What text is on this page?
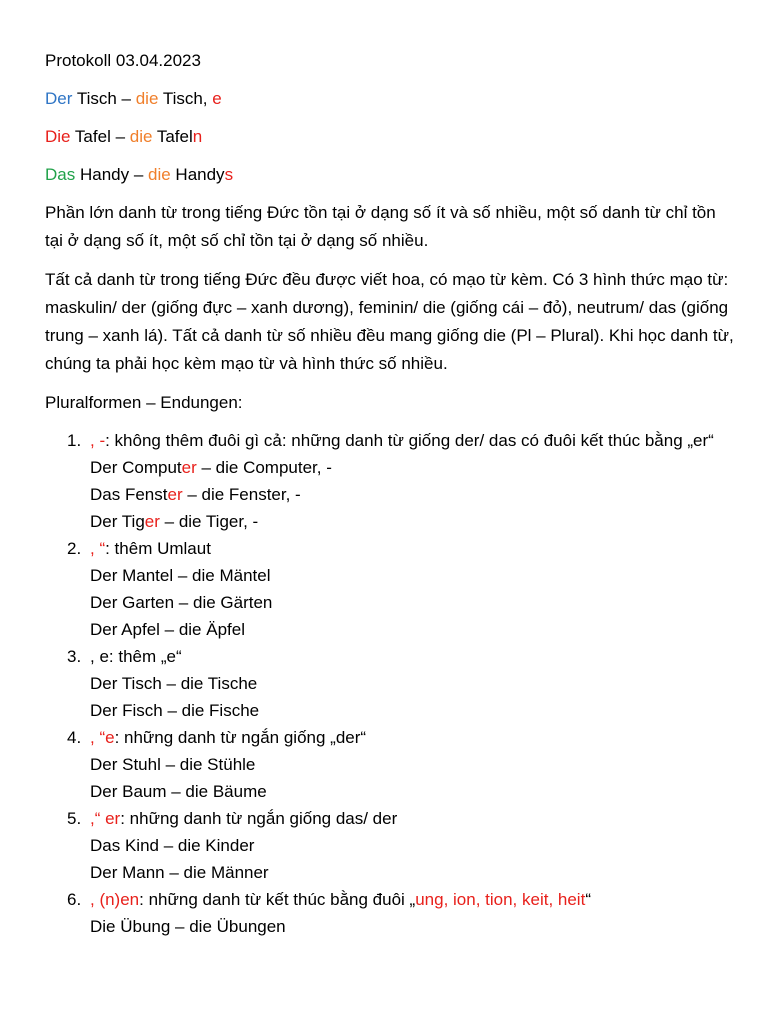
Protokoll 03.04.2023

Der Tisch – die Tisch, e

Die Tafel – die Tafeln

Das Handy – die Handys

Phần lớn danh từ trong tiếng Đức tồn tại ở dạng số ít và số nhiều, một số danh từ chỉ tồn tại ở dạng số ít, một số chỉ tồn tại ở dạng số nhiều.

Tất cả danh từ trong tiếng Đức đều được viết hoa, có mạo từ kèm. Có 3 hình thức mạo từ: maskulin/ der (giống đực – xanh dương), feminin/ die (giống cái – đỏ), neutrum/ das (giống trung – xanh lá). Tất cả danh từ số nhiều đều mang giống die (Pl – Plural). Khi học danh từ, chúng ta phải học kèm mạo từ và hình thức số nhiều.

Pluralformen – Endungen:

1. , -: không thêm đuôi gì cả: những danh từ giống der/ das có đuôi kết thúc bằng „er“
Der Computer – die Computer, -
Das Fenster – die Fenster, -
Der Tiger – die Tiger, -
2. , “: thêm Umlaut
Der Mantel – die Mäntel
Der Garten – die Gärten
Der Apfel – die Äpfel
3. , e: thêm „e“
Der Tisch – die Tische
Der Fisch – die Fische
4. , “e: những danh từ ngắn giống „der“
Der Stuhl – die Stühle
Der Baum – die Bäume
5. ,“ er: những danh từ ngắn giống das/ der
Das Kind – die Kinder
Der Mann – die Männer
6. , (n)en: những danh từ kết thúc bằng đuôi „ung, ion, tion, keit, heit“
Die Übung – die Übungen
